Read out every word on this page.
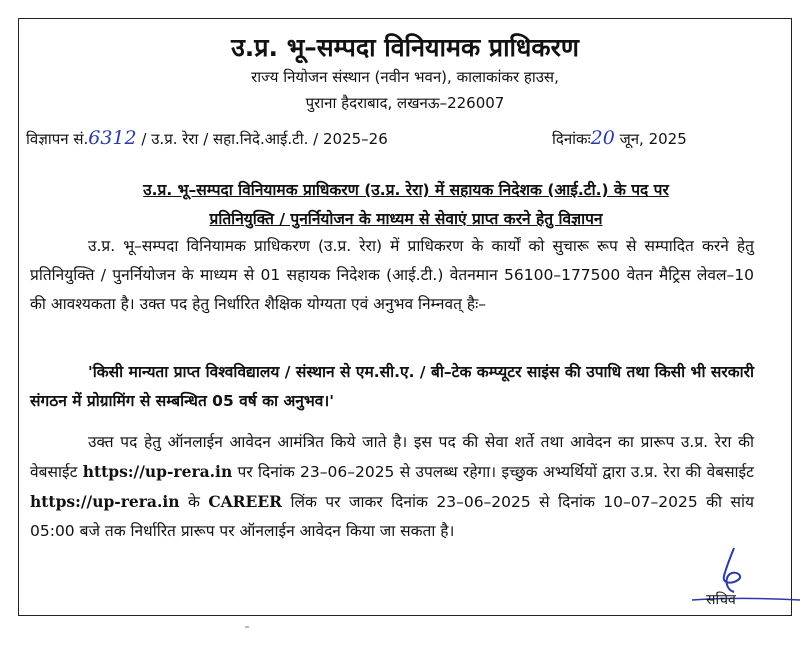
उ.प्र. भू–सम्पदा विनियामक प्राधिकरण
राज्य नियोजन संस्थान (नवीन भवन), कालाकांकर हाउस,
पुराना हैदराबाद, लखनऊ–226007
विज्ञापन सं.6312 / उ.प्र. रेरा / सहा.निदे.आई.टी. / 2025–26	दिनांकः20 जून, 2025
उ.प्र. भू–सम्पदा विनियामक प्राधिकरण (उ.प्र. रेरा) में सहायक निदेशक (आई.टी.) के पद पर
प्रतिनियुक्ति / पुनर्नियोजन के माध्यम से सेवाएं प्राप्त करने हेतु विज्ञापन
उ.प्र. भू–सम्पदा विनियामक प्राधिकरण (उ.प्र. रेरा) में प्राधिकरण के कार्यों को सुचारू रूप से सम्पादित करने हेतु प्रतिनियुक्ति / पुनर्नियोजन के माध्यम से 01 सहायक निदेशक (आई.टी.) वेतनमान 56100–177500 वेतन मैट्रिस लेवल–10 की आवश्यकता है। उक्त पद हेतु निर्धारित शैक्षिक योग्यता एवं अनुभव निम्नवत् हैः–
'किसी मान्यता प्राप्त विश्वविद्यालय / संस्थान से एम.सी.ए. / बी–टेक कम्प्यूटर साइंस की उपाधि तथा किसी भी सरकारी संगठन में प्रोग्रामिंग से सम्बन्धित 05 वर्ष का अनुभव।'
उक्त पद हेतु ऑनलाईन आवेदन आमंत्रित किये जाते है। इस पद की सेवा शर्ते तथा आवेदन का प्रारूप उ.प्र. रेरा की वेबसाईट https://up-rera.in पर दिनांक 23–06–2025 से उपलब्ध रहेगा। इच्छुक अभ्यर्थियों द्वारा उ.प्र. रेरा की वेबसाईट https://up-rera.in के CAREER लिंक पर जाकर दिनांक 23–06–2025 से दिनांक 10–07–2025 की सांय 05:00 बजे तक निर्धारित प्रारूप पर ऑनलाईन आवेदन किया जा सकता है।
सचिव
